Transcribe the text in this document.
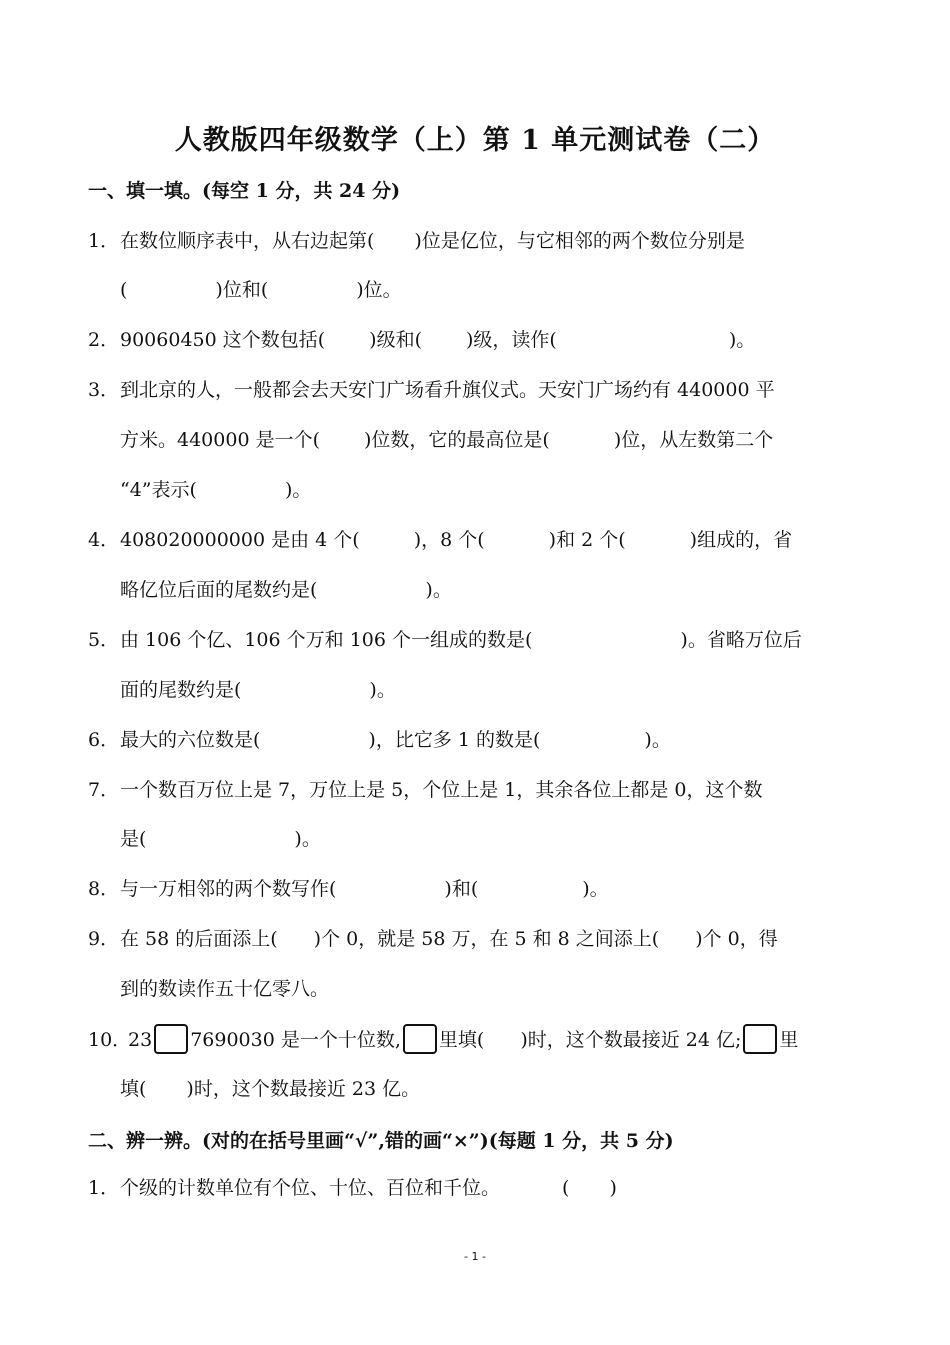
人教版四年级数学（上）第 1 单元测试卷（二）
一、填一填。(每空 1 分，共 24 分)
1．在数位顺序表中，从右边起第( )位是亿位，与它相邻的两个数位分别是
(	)位和(	)位。
2．90060450 这个数包括( )级和( )级，读作(	)。
3．到北京的人，一般都会去天安门广场看升旗仪式。天安门广场约有 440000 平
方米。440000 是一个( )位数，它的最高位是(	)位，从左数第二个
“4”表示(	)。
4．408020000000 是由 4 个(	)，8 个(	)和 2 个(	)组成的，省
略亿位后面的尾数约是(	)。
5．由 106 个亿、106 个万和 106 个一组成的数是(	)。省略万位后
面的尾数约是(	)。
6．最大的六位数是(	)，比它多 1 的数是(	)。
7．一个数百万位上是 7，万位上是 5，个位上是 1，其余各位上都是 0，这个数
是(	)。
8．与一万相邻的两个数写作(	)和(	)。
9．在 58 的后面添上( )个 0，就是 58 万，在 5 和 8 之间添上( )个 0，得
到的数读作五十亿零八。
10．23 7690030 是一个十位数, 里填( )时，这个数最接近 24 亿; 里
填( )时，这个数最接近 23 亿。
二、辨一辨。(对的在括号里画“√”,错的画“×”)(每题 1 分，共 5 分)
1．个级的计数单位有个位、十位、百位和千位。	( )
- 1 -
